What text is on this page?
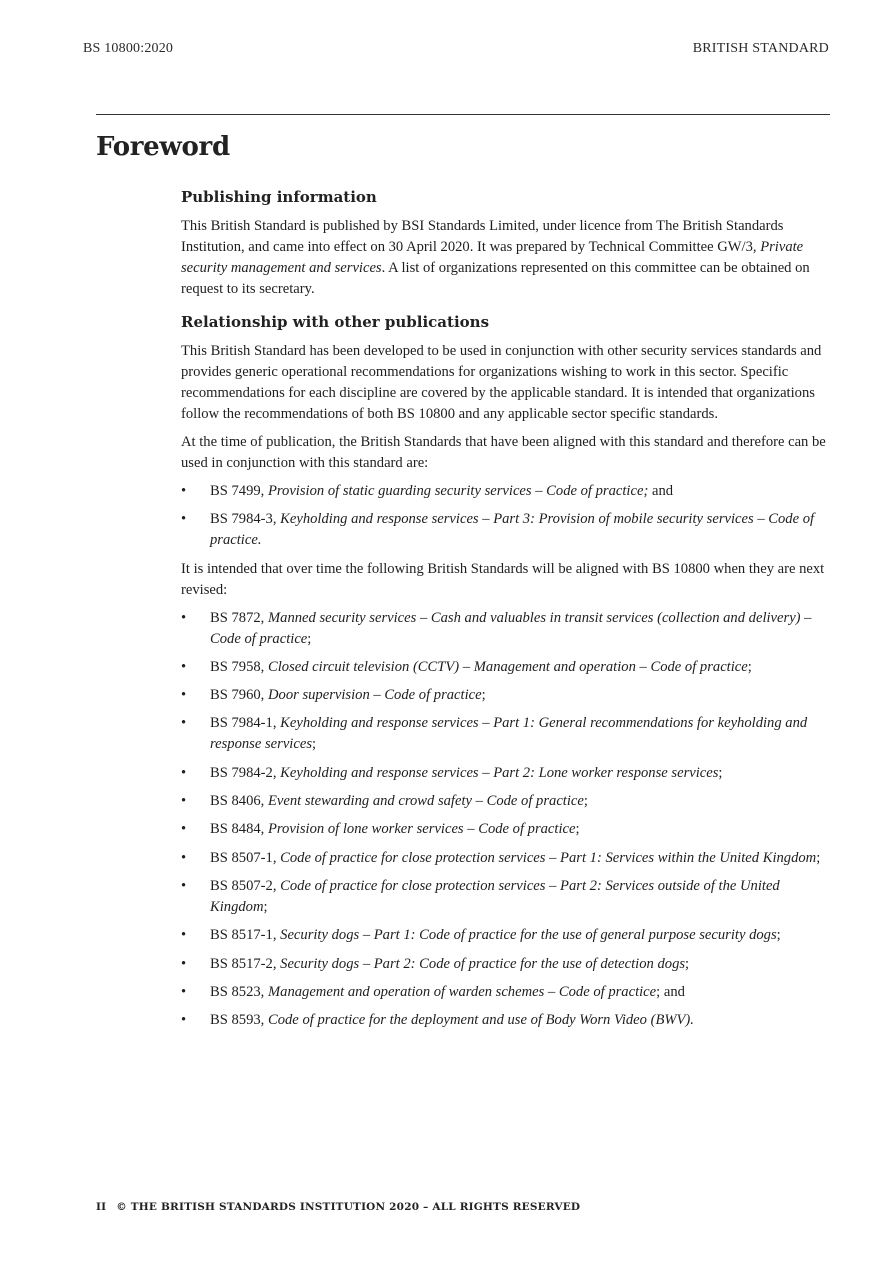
BS 10800:2020	BRITISH STANDARD
Foreword
Publishing information

This British Standard is published by BSI Standards Limited, under licence from The British Standards Institution, and came into effect on 30 April 2020. It was prepared by Technical Committee GW/3, Private security management and services. A list of organizations represented on this committee can be obtained on request to its secretary.

Relationship with other publications

This British Standard has been developed to be used in conjunction with other security services standards and provides generic operational recommendations for organizations wishing to work in this sector. Specific recommendations for each discipline are covered by the applicable standard. It is intended that organizations follow the recommendations of both BS 10800 and any applicable sector specific standards.

At the time of publication, the British Standards that have been aligned with this standard and therefore can be used in conjunction with this standard are:

• BS 7499, Provision of static guarding security services – Code of practice; and
• BS 7984-3, Keyholding and response services – Part 3: Provision of mobile security services – Code of practice.

It is intended that over time the following British Standards will be aligned with BS 10800 when they are next revised:

• BS 7872, Manned security services – Cash and valuables in transit services (collection and delivery) – Code of practice;
• BS 7958, Closed circuit television (CCTV) – Management and operation – Code of practice;
• BS 7960, Door supervision – Code of practice;
• BS 7984-1, Keyholding and response services – Part 1: General recommendations for keyholding and response services;
• BS 7984-2, Keyholding and response services – Part 2: Lone worker response services;
• BS 8406, Event stewarding and crowd safety – Code of practice;
• BS 8484, Provision of lone worker services – Code of practice;
• BS 8507-1, Code of practice for close protection services – Part 1: Services within the United Kingdom;
• BS 8507-2, Code of practice for close protection services – Part 2: Services outside of the United Kingdom;
• BS 8517-1, Security dogs – Part 1: Code of practice for the use of general purpose security dogs;
• BS 8517-2, Security dogs – Part 2: Code of practice for the use of detection dogs;
• BS 8523, Management and operation of warden schemes – Code of practice; and
• BS 8593, Code of practice for the deployment and use of Body Worn Video (BWV).
II © THE BRITISH STANDARDS INSTITUTION 2020 – ALL RIGHTS RESERVED
